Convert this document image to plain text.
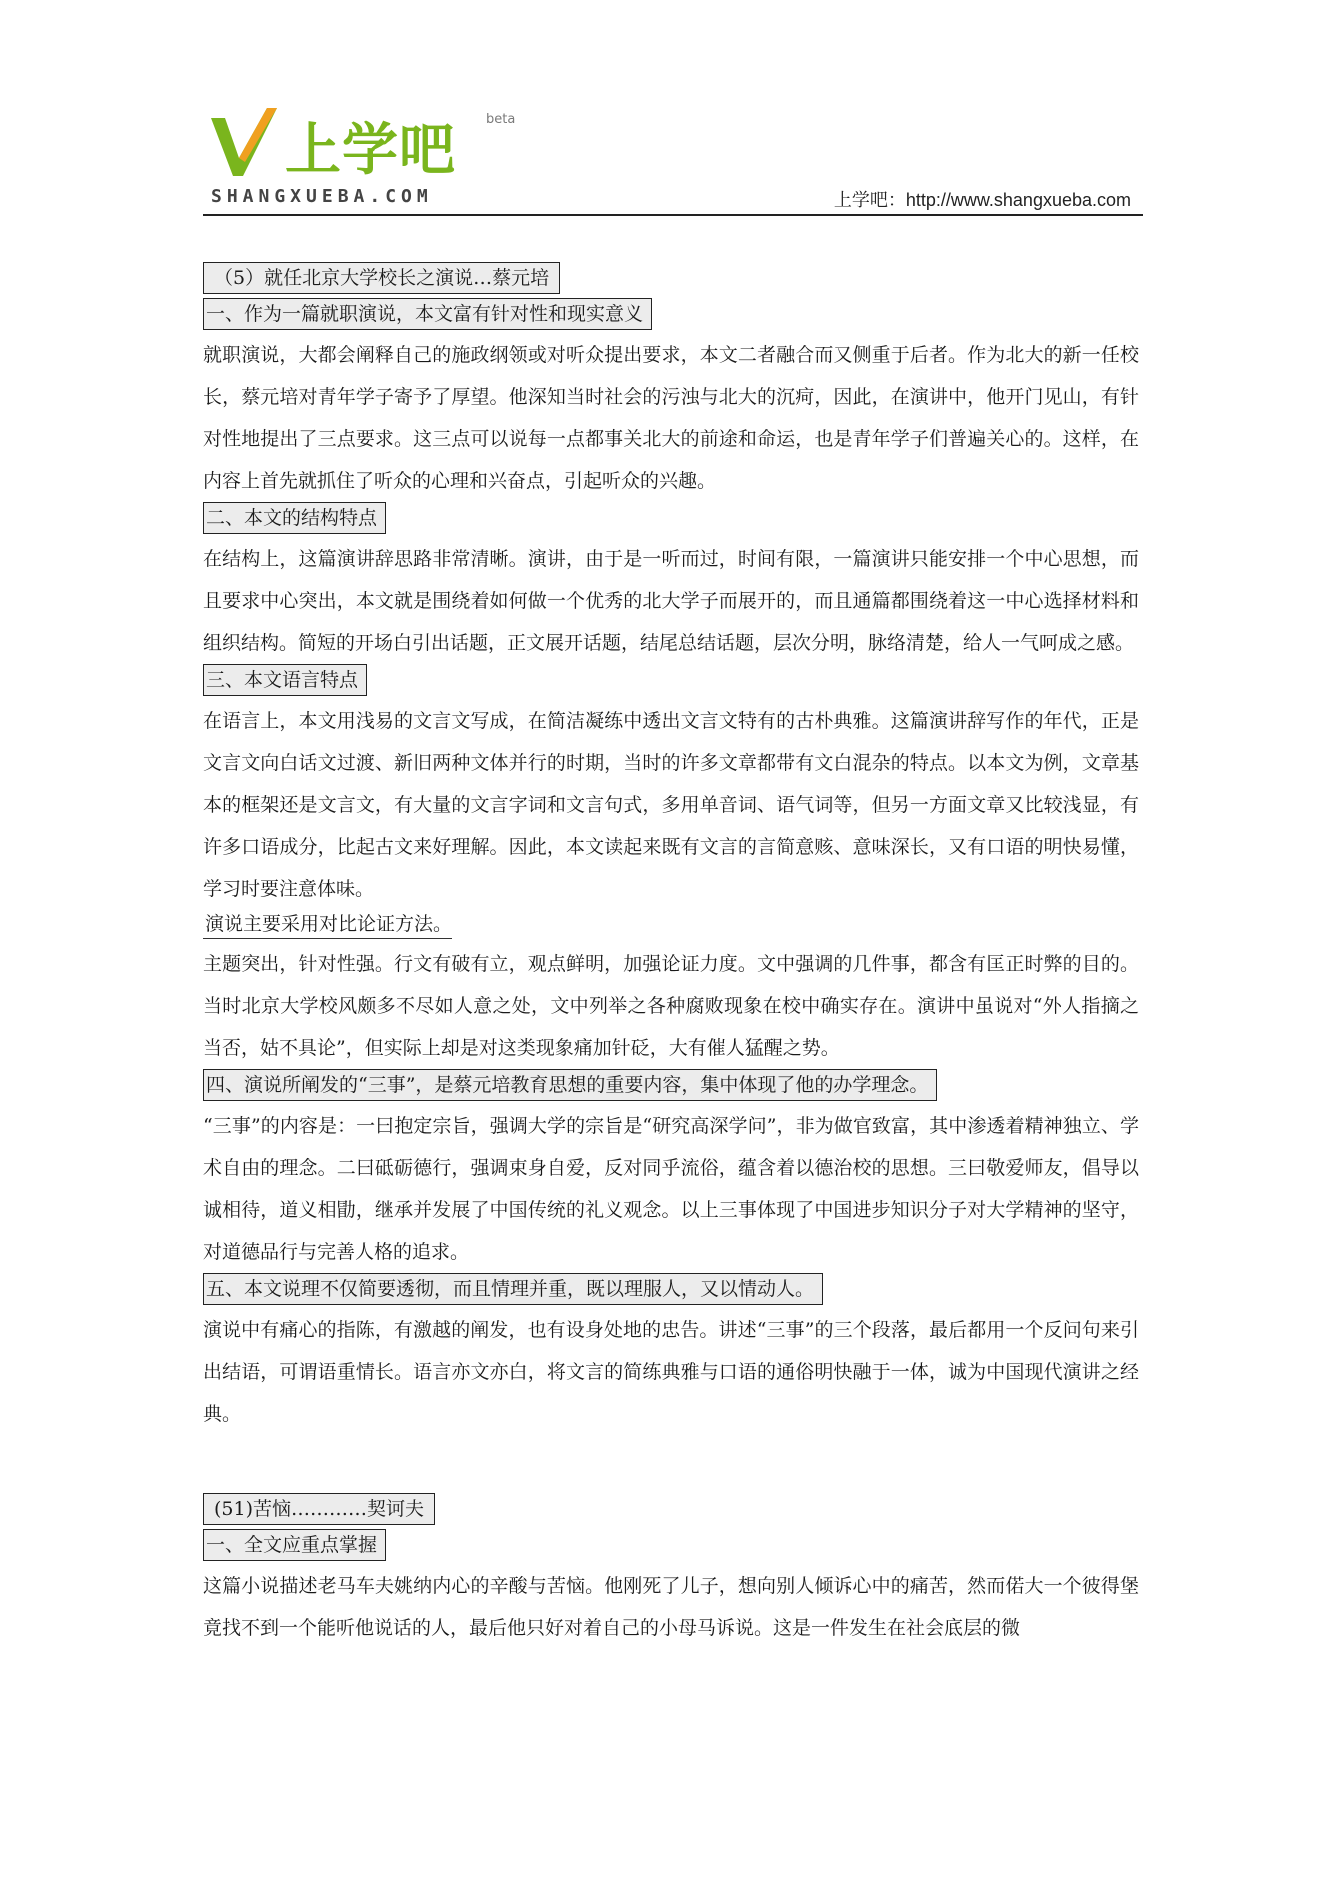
上学吧 beta
SHANGXUEBA.COM	上学吧：http://www.shangxueba.com
（5）就任北京大学校长之演说…蔡元培
一、作为一篇就职演说，本文富有针对性和现实意义

就职演说，大都会阐释自己的施政纲领或对听众提出要求，本文二者融合而又侧重于后者。作为北大的新一任校长，蔡元培对青年学子寄予了厚望。他深知当时社会的污浊与北大的沉疴，因此，在演讲中，他开门见山，有针对性地提出了三点要求。这三点可以说每一点都事关北大的前途和命运，也是青年学子们普遍关心的。这样，在内容上首先就抓住了听众的心理和兴奋点，引起听众的兴趣。

二、本文的结构特点

在结构上，这篇演讲辞思路非常清晰。演讲，由于是一听而过，时间有限，一篇演讲只能安排一个中心思想，而且要求中心突出，本文就是围绕着如何做一个优秀的北大学子而展开的，而且通篇都围绕着这一中心选择材料和组织结构。简短的开场白引出话题，正文展开话题，结尾总结话题，层次分明，脉络清楚，给人一气呵成之感。

三、本文语言特点

在语言上，本文用浅易的文言文写成，在简洁凝练中透出文言文特有的古朴典雅。这篇演讲辞写作的年代，正是文言文向白话文过渡、新旧两种文体并行的时期，当时的许多文章都带有文白混杂的特点。以本文为例，文章基本的框架还是文言文，有大量的文言字词和文言句式，多用单音词、语气词等，但另一方面文章又比较浅显，有许多口语成分，比起古文来好理解。因此，本文读起来既有文言的言简意赅、意味深长，又有口语的明快易懂，学习时要注意体味。

演说主要采用对比论证方法。

主题突出，针对性强。行文有破有立，观点鲜明，加强论证力度。文中强调的几件事，都含有匡正时弊的目的。当时北京大学校风颇多不尽如人意之处，文中列举之各种腐败现象在校中确实存在。演讲中虽说对“外人指摘之当否，姑不具论”，但实际上却是对这类现象痛加针砭，大有催人猛醒之势。

四、演说所阐发的“三事”，是蔡元培教育思想的重要内容，集中体现了他的办学理念。

“三事”的内容是：一曰抱定宗旨，强调大学的宗旨是“研究高深学问”，非为做官致富，其中渗透着精神独立、学术自由的理念。二曰砥砺德行，强调束身自爱，反对同乎流俗，蕴含着以德治校的思想。三曰敬爱师友，倡导以诚相待，道义相勖，继承并发展了中国传统的礼义观念。以上三事体现了中国进步知识分子对大学精神的坚守，对道德品行与完善人格的追求。

五、本文说理不仅简要透彻，而且情理并重，既以理服人，又以情动人。

演说中有痛心的指陈，有激越的阐发，也有设身处地的忠告。讲述“三事”的三个段落，最后都用一个反问句来引出结语，可谓语重情长。语言亦文亦白，将文言的简练典雅与口语的通俗明快融于一体，诚为中国现代演讲之经典。

(51)苦恼…………契诃夫
一、全文应重点掌握

这篇小说描述老马车夫姚纳内心的辛酸与苦恼。他刚死了儿子，想向别人倾诉心中的痛苦，然而偌大一个彼得堡竟找不到一个能听他说话的人，最后他只好对着自己的小母马诉说。这是一件发生在社会底层的微
